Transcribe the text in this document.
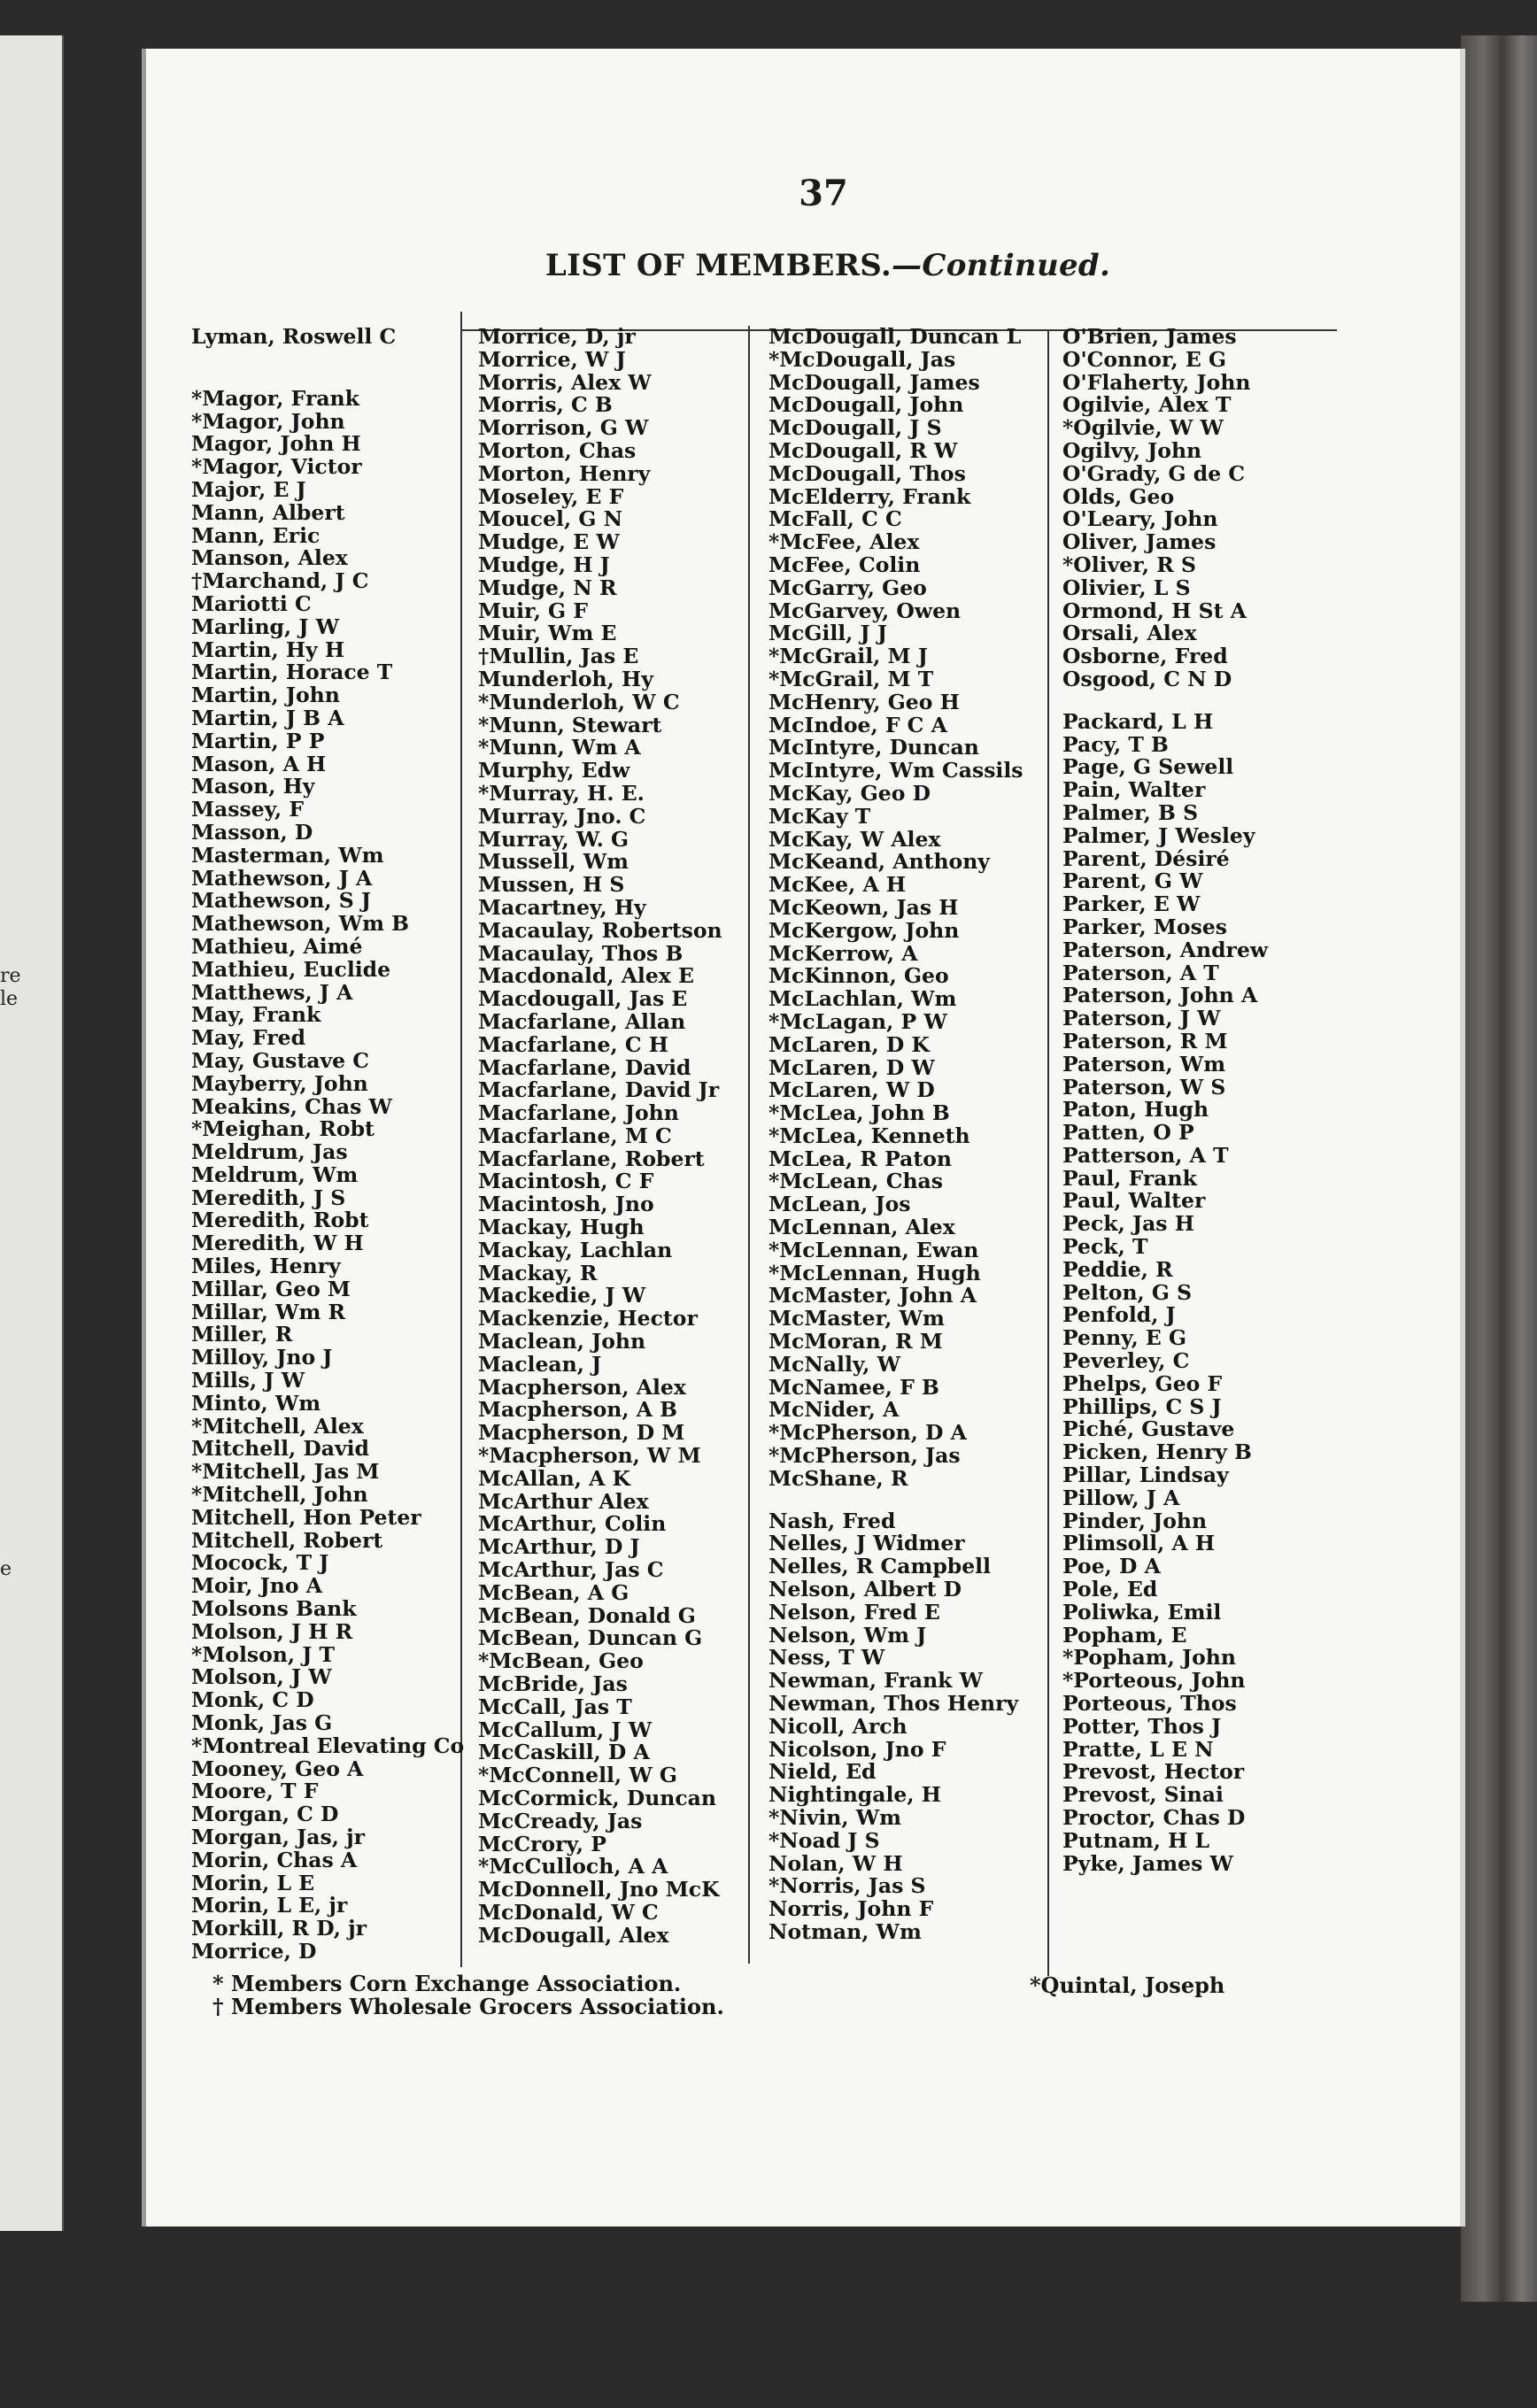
re
le
e
37
LIST OF MEMBERS.—Continued.
Lyman, Roswell C
*Magor, Frank
*Magor, John
Magor, John H
*Magor, Victor
Major, E J
Mann, Albert
Mann, Eric
Manson, Alex
†Marchand, J C
Mariotti C
Marling, J W
Martin, Hy H
Martin, Horace T
Martin, John
Martin, J B A
Martin, P P
Mason, A H
Mason, Hy
Massey, F
Masson, D
Masterman, Wm
Mathewson, J A
Mathewson, S J
Mathewson, Wm B
Mathieu, Aimé
Mathieu, Euclide
Matthews, J A
May, Frank
May, Fred
May, Gustave C
Mayberry, John
Meakins, Chas W
*Meighan, Robt
Meldrum, Jas
Meldrum, Wm
Meredith, J S
Meredith, Robt
Meredith, W H
Miles, Henry
Millar, Geo M
Millar, Wm R
Miller, R
Milloy, Jno J
Mills, J W
Minto, Wm
*Mitchell, Alex
Mitchell, David
*Mitchell, Jas M
*Mitchell, John
Mitchell, Hon Peter
Mitchell, Robert
Mocock, T J
Moir, Jno A
Molsons Bank
Molson, J H R
*Molson, J T
Molson, J W
Monk, C D
Monk, Jas G
*Montreal Elevating Co
Mooney, Geo A
Moore, T F
Morgan, C D
Morgan, Jas, jr
Morin, Chas A
Morin, L E
Morin, L E, jr
Morkill, R D, jr
Morrice, D
Morrice, D, jr
Morrice, W J
Morris, Alex W
Morris, C B
Morrison, G W
Morton, Chas
Morton, Henry
Moseley, E F
Moucel, G N
Mudge, E W
Mudge, H J
Mudge, N R
Muir, G F
Muir, Wm E
†Mullin, Jas E
Munderloh, Hy
*Munderloh, W C
*Munn, Stewart
*Munn, Wm A
Murphy, Edw
*Murray, H. E.
Murray, Jno. C
Murray, W. G
Mussell, Wm
Mussen, H S
Macartney, Hy
Macaulay, Robertson
Macaulay, Thos B
Macdonald, Alex E
Macdougall, Jas E
Macfarlane, Allan
Macfarlane, C H
Macfarlane, David
Macfarlane, David Jr
Macfarlane, John
Macfarlane, M C
Macfarlane, Robert
Macintosh, C F
Macintosh, Jno
Mackay, Hugh
Mackay, Lachlan
Mackay, R
Mackedie, J W
Mackenzie, Hector
Maclean, John
Maclean, J
Macpherson, Alex
Macpherson, A B
Macpherson, D M
*Macpherson, W M
McAllan, A K
McArthur Alex
McArthur, Colin
McArthur, D J
McArthur, Jas C
McBean, A G
McBean, Donald G
McBean, Duncan G
*McBean, Geo
McBride, Jas
McCall, Jas T
McCallum, J W
McCaskill, D A
*McConnell, W G
McCormick, Duncan
McCready, Jas
McCrory, P
*McCulloch, A A
McDonnell, Jno McK
McDonald, W C
McDougall, Alex
McDougall, Duncan L
*McDougall, Jas
McDougall, James
McDougall, John
McDougall, J S
McDougall, R W
McDougall, Thos
McElderry, Frank
McFall, C C
*McFee, Alex
McFee, Colin
McGarry, Geo
McGarvey, Owen
McGill, J J
*McGrail, M J
*McGrail, M T
McHenry, Geo H
McIndoe, F C A
McIntyre, Duncan
McIntyre, Wm Cassils
McKay, Geo D
McKay T
McKay, W Alex
McKeand, Anthony
McKee, A H
McKeown, Jas H
McKergow, John
McKerrow, A
McKinnon, Geo
McLachlan, Wm
*McLagan, P W
McLaren, D K
McLaren, D W
McLaren, W D
*McLea, John B
*McLea, Kenneth
McLea, R Paton
*McLean, Chas
McLean, Jos
McLennan, Alex
*McLennan, Ewan
*McLennan, Hugh
McMaster, John A
McMaster, Wm
McMoran, R M
McNally, W
McNamee, F B
McNider, A
*McPherson, D A
*McPherson, Jas
McShane, R
Nash, Fred
Nelles, J Widmer
Nelles, R Campbell
Nelson, Albert D
Nelson, Fred E
Nelson, Wm J
Ness, T W
Newman, Frank W
Newman, Thos Henry
Nicoll, Arch
Nicolson, Jno F
Nield, Ed
Nightingale, H
*Nivin, Wm
*Noad J S
Nolan, W H
*Norris, Jas S
Norris, John F
Notman, Wm
O'Brien, James
O'Connor, E G
O'Flaherty, John
Ogilvie, Alex T
*Ogilvie, W W
Ogilvy, John
O'Grady, G de C
Olds, Geo
O'Leary, John
Oliver, James
*Oliver, R S
Olivier, L S
Ormond, H St A
Orsali, Alex
Osborne, Fred
Osgood, C N D
Packard, L H
Pacy, T B
Page, G Sewell
Pain, Walter
Palmer, B S
Palmer, J Wesley
Parent, Désiré
Parent, G W
Parker, E W
Parker, Moses
Paterson, Andrew
Paterson, A T
Paterson, John A
Paterson, J W
Paterson, R M
Paterson, Wm
Paterson, W S
Paton, Hugh
Patten, O P
Patterson, A T
Paul, Frank
Paul, Walter
Peck, Jas H
Peck, T
Peddie, R
Pelton, G S
Penfold, J
Penny, E G
Peverley, C
Phelps, Geo F
Phillips, C S J
Piché, Gustave
Picken, Henry B
Pillar, Lindsay
Pillow, J A
Pinder, John
Plimsoll, A H
Poe, D A
Pole, Ed
Poliwka, Emil
Popham, E
*Popham, John
*Porteous, John
Porteous, Thos
Potter, Thos J
Pratte, L E N
Prevost, Hector
Prevost, Sinai
Proctor, Chas D
Putnam, H L
Pyke, James W
* Members Corn Exchange Association.
† Members Wholesale Grocers Association.
*Quintal, Joseph
